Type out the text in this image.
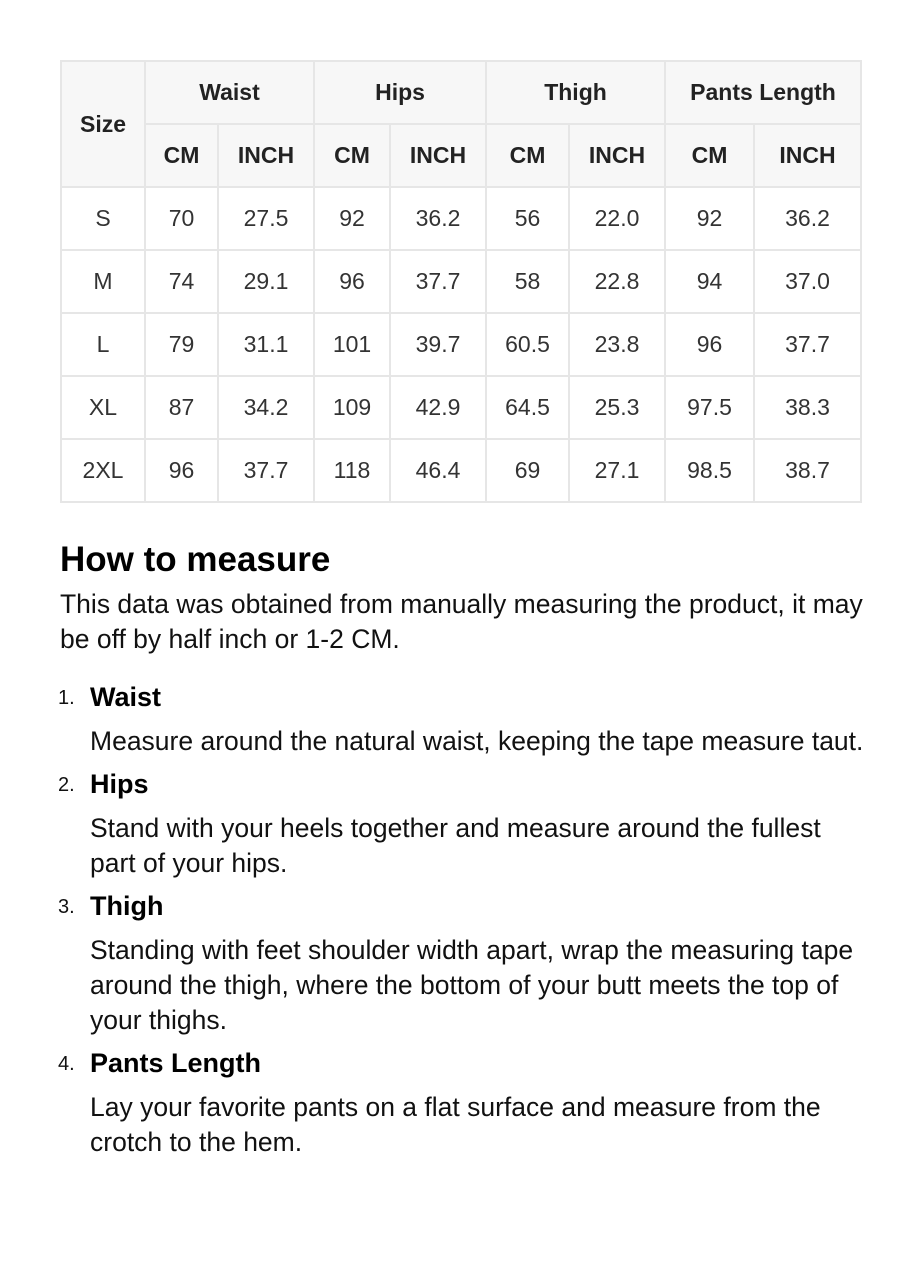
Size	Waist		Hips		Thigh		Pants Length	
	CM	INCH	CM	INCH	CM	INCH	CM	INCH
S	70	27.5	92	36.2	56	22.0	92	36.2
M	74	29.1	96	37.7	58	22.8	94	37.0
L	79	31.1	101	39.7	60.5	23.8	96	37.7
XL	87	34.2	109	42.9	64.5	25.3	97.5	38.3
2XL	96	37.7	118	46.4	69	27.1	98.5	38.7
How to measure

This data was obtained from manually measuring the product, it may be off by half inch or 1-2 CM.

1. Waist

Measure around the natural waist, keeping the tape measure taut.

2. Hips

Stand with your heels together and measure around the fullest part of your hips.

3. Thigh

Standing with feet shoulder width apart, wrap the measuring tape around the thigh, where the bottom of your butt meets the top of your thighs.

4. Pants Length

Lay your favorite pants on a flat surface and measure from the crotch to the hem.
